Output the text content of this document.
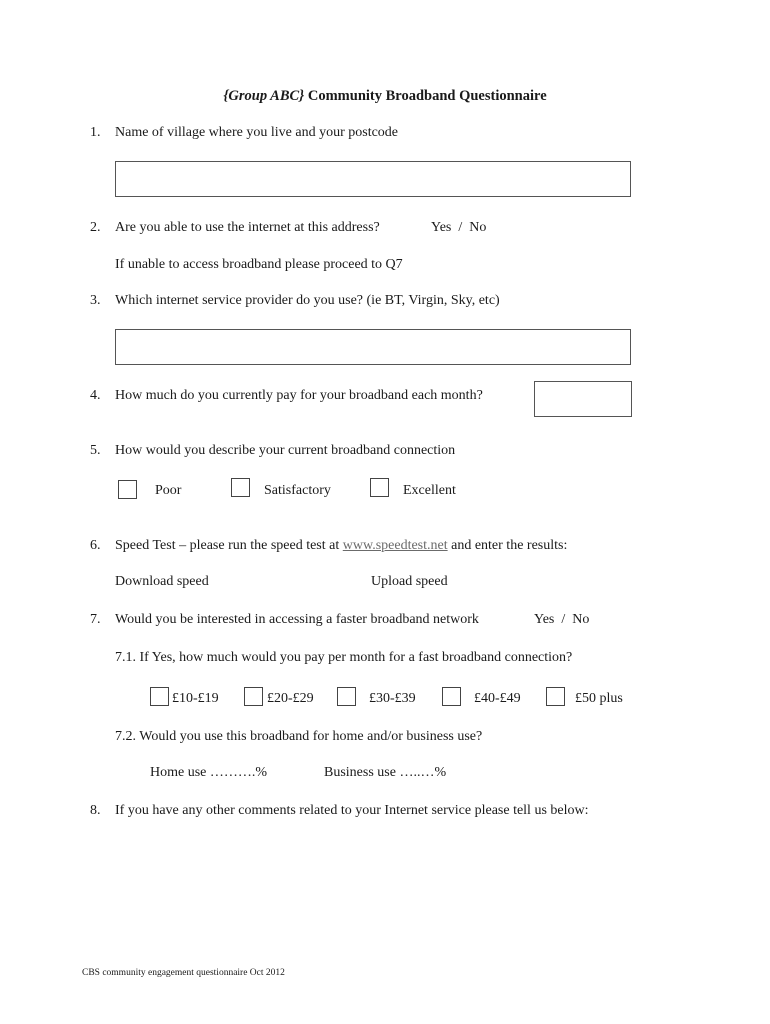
{Group ABC} Community Broadband Questionnaire
1. Name of village where you live and your postcode
2. Are you able to use the internet at this address?	Yes  /  No
If unable to access broadband please proceed to Q7
3. Which internet service provider do you use? (ie BT, Virgin, Sky, etc)
4. How much do you currently pay for your broadband each month?
5. How would you describe your current broadband connection
Poor	Satisfactory	Excellent
6. Speed Test – please run the speed test at www.speedtest.net and enter the results:
Download speed	Upload speed
7. Would you be interested in accessing a faster broadband network	Yes  /  No
7.1. If Yes, how much would you pay per month for a fast broadband connection?
£10-£19	£20-£29	£30-£39	£40-£49	£50 plus
7.2. Would you use this broadband for home and/or business use?
Home use ……….%	Business use …..…%
8. If you have any other comments related to your Internet service please tell us below:
CBS community engagement questionnaire Oct 2012
